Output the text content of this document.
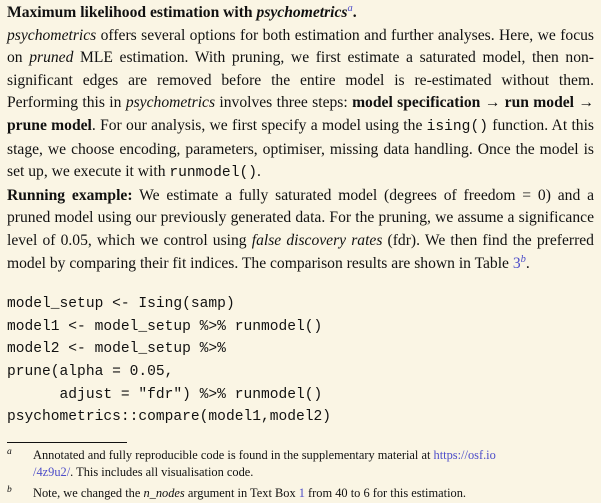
Maximum likelihood estimation with psychometrics$^a$.
psychometrics offers several options for both estimation and further analyses. Here, we focus on pruned MLE estimation. With pruning, we first estimate a saturated model, then non-significant edges are removed before the entire model is re-estimated without them. Performing this in psychometrics involves three steps: model specification → run model → prune model. For our analysis, we first specify a model using the ising() function. At this stage, we choose encoding, parameters, optimiser, missing data handling. Once the model is set up, we execute it with runmodel().

Running example: We estimate a fully saturated model (degrees of freedom = 0) and a pruned model using our previously generated data. For the pruning, we assume a significance level of 0.05, which we control using false discovery rates (fdr). We then find the preferred model by comparing their fit indices. The comparison results are shown in Table 3$^b$.

model_setup <- Ising(samp)
model1 <- model_setup %>% runmodel()
model2 <- model_setup %>%
prune(alpha = 0.05,
adjust = "fdr") %>% runmodel()
psychometrics::compare(model1,model2)

a Annotated and fully reproducible code is found in the supplementary material at https://osf.io
/4z9u2/. This includes all visualisation code.

b Note, we changed the n_nodes argument in Text Box 1 from 40 to 6 for this estimation.
